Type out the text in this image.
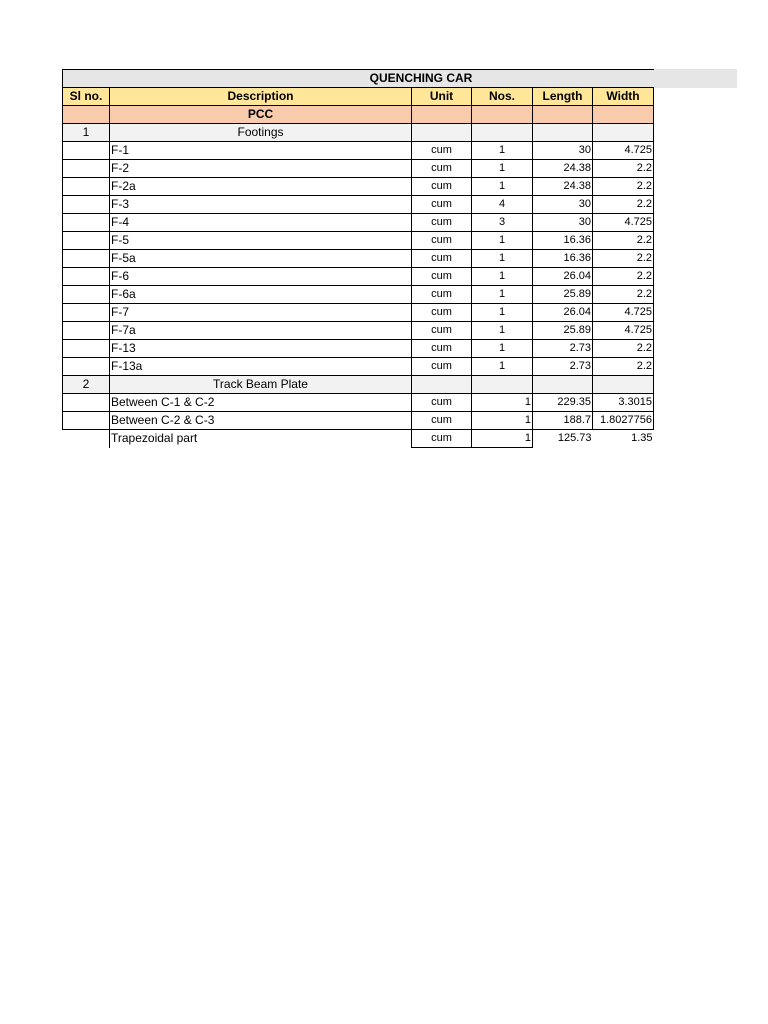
	QUENCHING CAR				
Sl no.	Description	Unit	Nos.	Length	Width
	PCC				
1	Footings				
	F-1	cum	1	30	4.725
	F-2	cum	1	24.38	2.2
	F-2a	cum	1	24.38	2.2
	F-3	cum	4	30	2.2
	F-4	cum	3	30	4.725
	F-5	cum	1	16.36	2.2
	F-5a	cum	1	16.36	2.2
	F-6	cum	1	26.04	2.2
	F-6a	cum	1	25.89	2.2
	F-7	cum	1	26.04	4.725
	F-7a	cum	1	25.89	4.725
	F-13	cum	1	2.73	2.2
	F-13a	cum	1	2.73	2.2
2	Track Beam Plate				
	Between C-1 & C-2	cum	1	229.35	3.3015
	Between C-2 & C-3	cum	1	188.7	1.8027756
	Trapezoidal part	cum	1	125.73	1.35
